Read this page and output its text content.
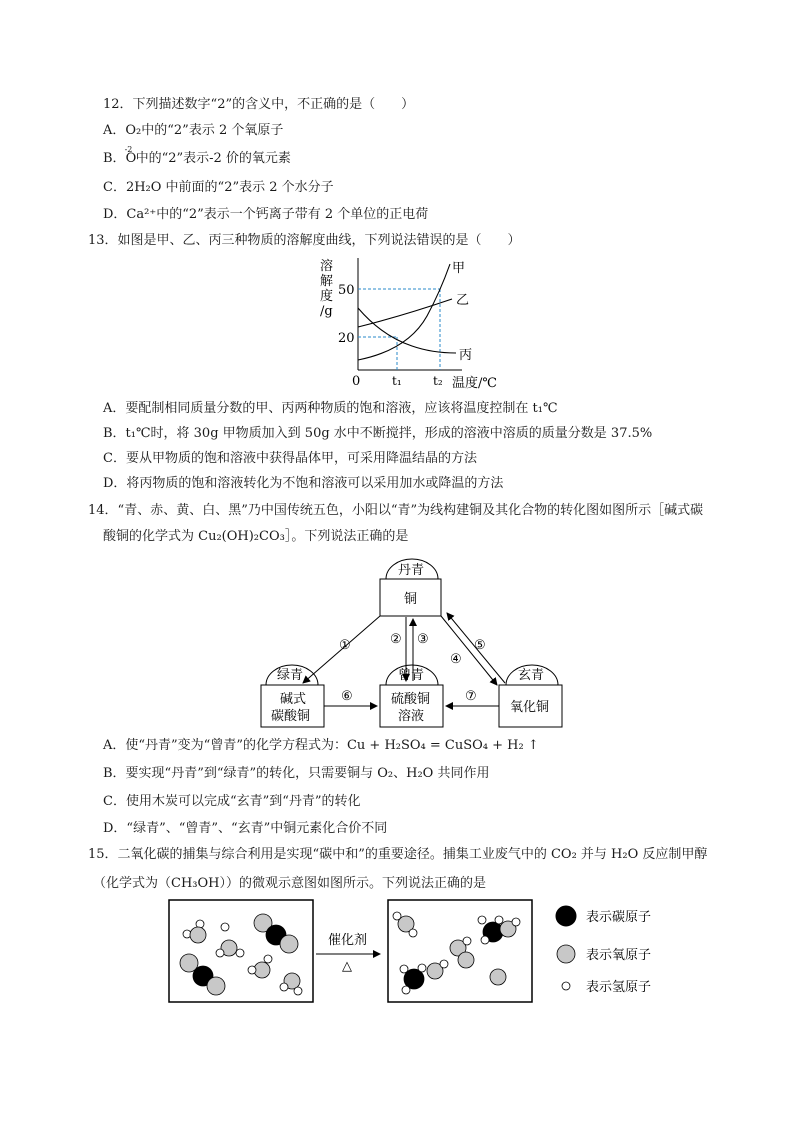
12．下列描述数字“2”的含义中，不正确的是（　　）
A．O₂中的“2”表示 2 个氧原子
B．
-2
O中的“2”表示-2 价的氧元素
C．2H₂O 中前面的“2”表示 2 个水分子
D．Ca²⁺中的“2”表示一个钙离子带有 2 个单位的正电荷
13．如图是甲、乙、丙三种物质的溶解度曲线，下列说法错误的是（　　）
溶
解
度
/g
50
20
0	t₁	t₂ 温度/℃
甲
乙
丙
A．要配制相同质量分数的甲、丙两种物质的饱和溶液，应该将温度控制在 t₁℃
B．t₁℃时，将 30g 甲物质加入到 50g 水中不断搅拌，形成的溶液中溶质的质量分数是 37.5%
C．要从甲物质的饱和溶液中获得晶体甲，可采用降温结晶的方法
D．将丙物质的饱和溶液转化为不饱和溶液可以采用加水或降温的方法
14．“青、赤、黄、白、黑”乃中国传统五色，小阳以“青”为线构建铜及其化合物的转化图如图所示［碱式碳
酸铜的化学式为 Cu₂(OH)₂CO₃］。下列说法正确的是
丹青
铜
绿青
碱式
碳酸铜
曾青
硫酸铜
溶液
玄青
氧化铜
①	② ③
④
⑤
⑥	⑦
A．使“丹青”变为“曾青”的化学方程式为：Cu + H₂SO₄ = CuSO₄ + H₂ ↑
B．要实现“丹青”到“绿青”的转化，只需要铜与 O₂、H₂O 共同作用
C．使用木炭可以完成“玄青”到“丹青”的转化
D．“绿青”、“曾青”、“玄青”中铜元素化合价不同
15．二氧化碳的捕集与综合利用是实现“碳中和”的重要途径。捕集工业废气中的 CO₂ 并与 H₂O 反应制甲醇
（化学式为（CH₃OH））的微观示意图如图所示。下列说法正确的是
催化剂
△
表示碳原子
表示氧原子
表示氢原子
